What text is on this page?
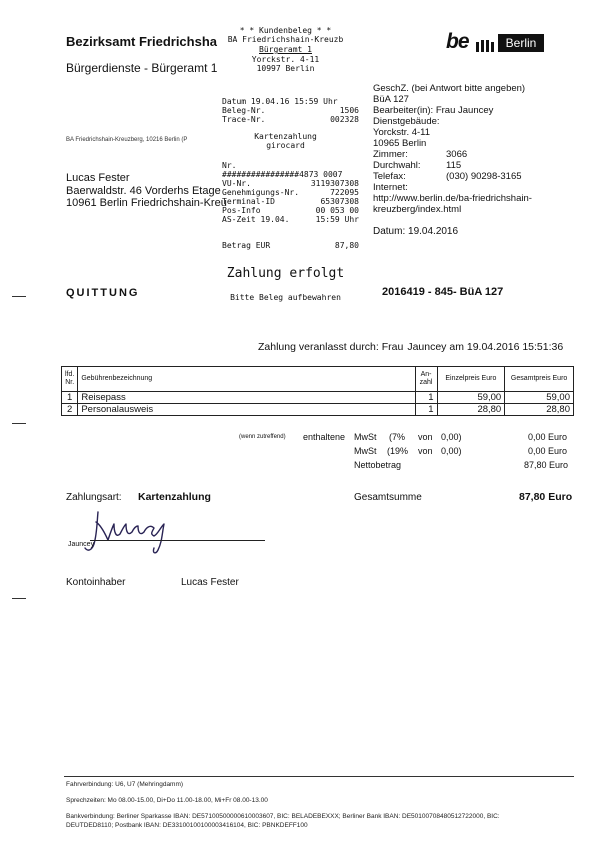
Bezirksamt Friedrichsha
Bürgerdienste - Bürgeramt 1
BA Friedrichshain-Kreuzberg, 10216 Berlin (P
Lucas Fester
Baerwaldstr. 46 Vorderhs Etage
10961 Berlin Friedrichshain-Kreu
be	Berlin
* * Kundenbeleg * *
BA Friedrichshain-Kreuzb
Bürgeramt 1
Yorckstr. 4-11
10997 Berlin
Datum 19.04.16 15:59 Uhr
Beleg-Nr.	1506
Trace-Nr.	002328
Kartenzahlung
girocard
Nr.
################4873 0007
VU-Nr.	3119307308
Genehmigungs-Nr.	722095
Terminal-ID	65307308
Pos-Info	00 053 00
AS-Zeit 19.04.	15:59 Uhr
Betrag EUR	87,80
Zahlung erfolgt
Bitte Beleg aufbewahren
GeschZ. (bei Antwort bitte angeben)
BüA 127
Bearbeiter(in): Frau Jauncey
Dienstgebäude:
Yorckstr. 4-11
10965 Berlin
Zimmer:	3066
Durchwahl:	115
Telefax:	(030) 90298-3165
Internet:
http://www.berlin.de/ba-friedrichshain-
kreuzberg/index.html
Datum: 19.04.2016
QUITTUNG	2016419 - 845- BüA 127
Zahlung veranlasst durch: Frau Jauncey am 19.04.2016 15:51:36
lfd. Nr.	Gebührenbezeichnung	An- zahl	Einzelpreis Euro	Gesamtpreis Euro
1	Reisepass	1	59,00	59,00
2	Personalausweis	1	28,80	28,80
(wenn zutreffend) enthaltene MwSt (7% von 0,00)	0,00 Euro
MwSt (19% von 0,00)	0,00 Euro
Nettobetrag	87,80 Euro
Zahlungsart: Kartenzahlung	Gesamtsumme	87,80 Euro
Jauncey
Kontoinhaber	Lucas Fester
Fahrverbindung: U6, U7 (Mehringdamm)
Sprechzeiten: Mo 08.00-15.00, Di+Do 11.00-18.00, Mi+Fr 08.00-13.00
Bankverbindung: Berliner Sparkasse IBAN: DE57100500000610003607, BIC: BELADEBEXXX; Berliner Bank IBAN: DE50100708480512722000, BIC:
DEUTDED8110; Postbank IBAN: DE33100100100003416104, BIC: PBNKDEFF100
